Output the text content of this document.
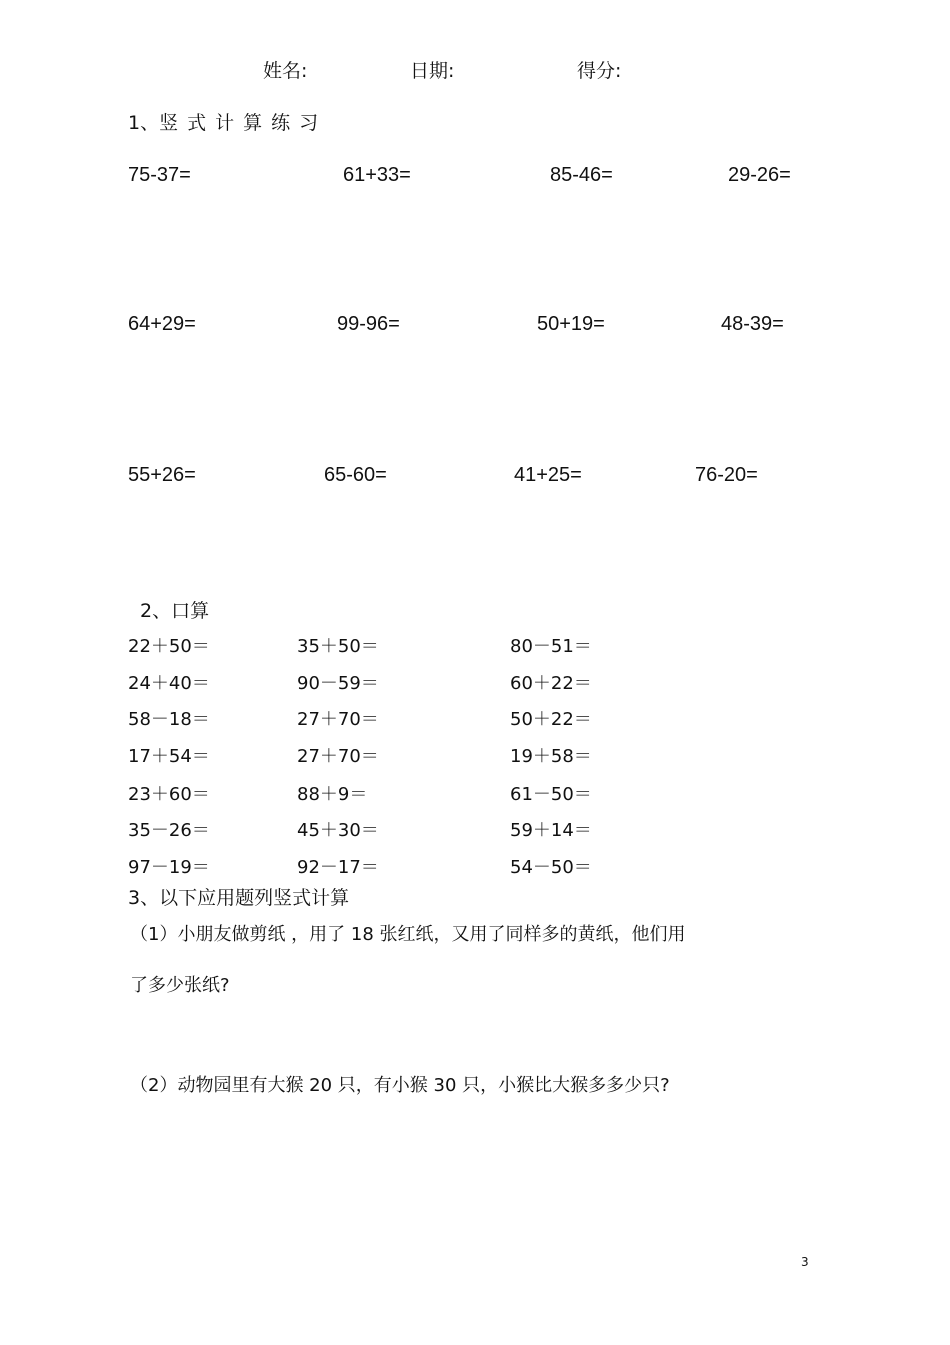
姓名:	日期:	得分:
1、竖式计算练习
75-37=	61+33=	85-46=	29-26=
64+29=	99-96=	50+19=	48-39=
55+26=	65-60=	41+25=	76-20=
2、口算
22＋50＝	35＋50＝	80－51＝
24＋40＝	90－59＝	60＋22＝
58－18＝	27＋70＝	50＋22＝
17＋54＝	27＋70＝	19＋58＝
23＋60＝	88＋9＝	61－50＝
35－26＝	45＋30＝	59＋14＝
97－19＝	92－17＝	54－50＝
3、以下应用题列竖式计算
（1）小朋友做剪纸 ，用了 18 张红纸，又用了同样多的黄纸，他们用
了多少张纸?
（2）动物园里有大猴 20 只，有小猴 30 只，小猴比大猴多多少只?
3
